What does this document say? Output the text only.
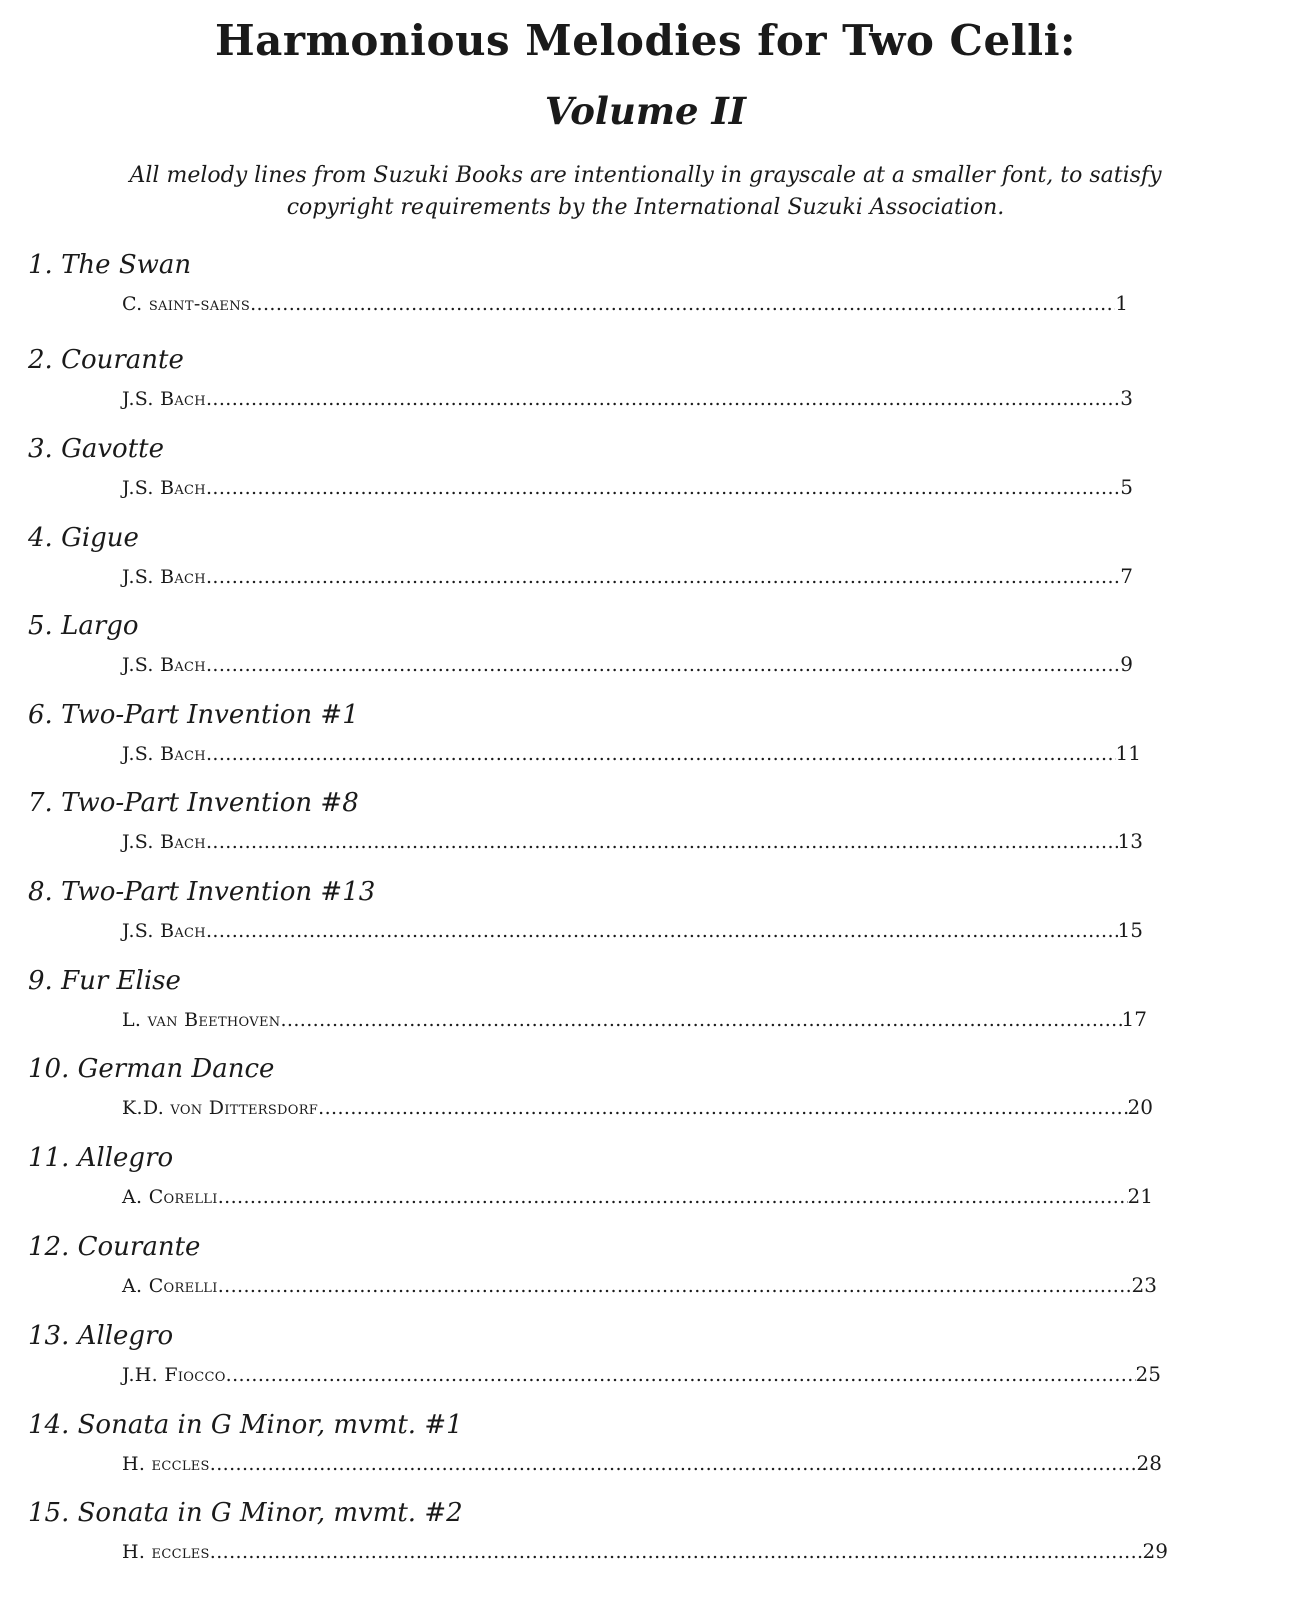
Harmonious Melodies for Two Celli:
Volume II

All melody lines from Suzuki Books are intentionally in grayscale at a smaller font, to satisfy
copyright requirements by the International Suzuki Association.

1. The Swan
C. saint-saens .....	1
2. Courante
J.S. Bach .....	3
3. Gavotte
J.S. Bach .....	5
4. Gigue
J.S. Bach .....	7
5. Largo
J.S. Bach .....	9
6. Two-Part Invention #1
J.S. Bach .....	11
7. Two-Part Invention #8
J.S. Bach .....	13
8. Two-Part Invention #13
J.S. Bach .....	15
9. Fur Elise
L. van Beethoven .....	17
10. German Dance
K.D. von Dittersdorf .....	20
11. Allegro
A. Corelli .....	21
12. Courante
A. Corelli .....	23
13. Allegro
J.H. Fiocco .....	25
14. Sonata in G Minor, mvmt. #1
H. eccles .....	28
15. Sonata in G Minor, mvmt. #2
H. eccles .....	29
